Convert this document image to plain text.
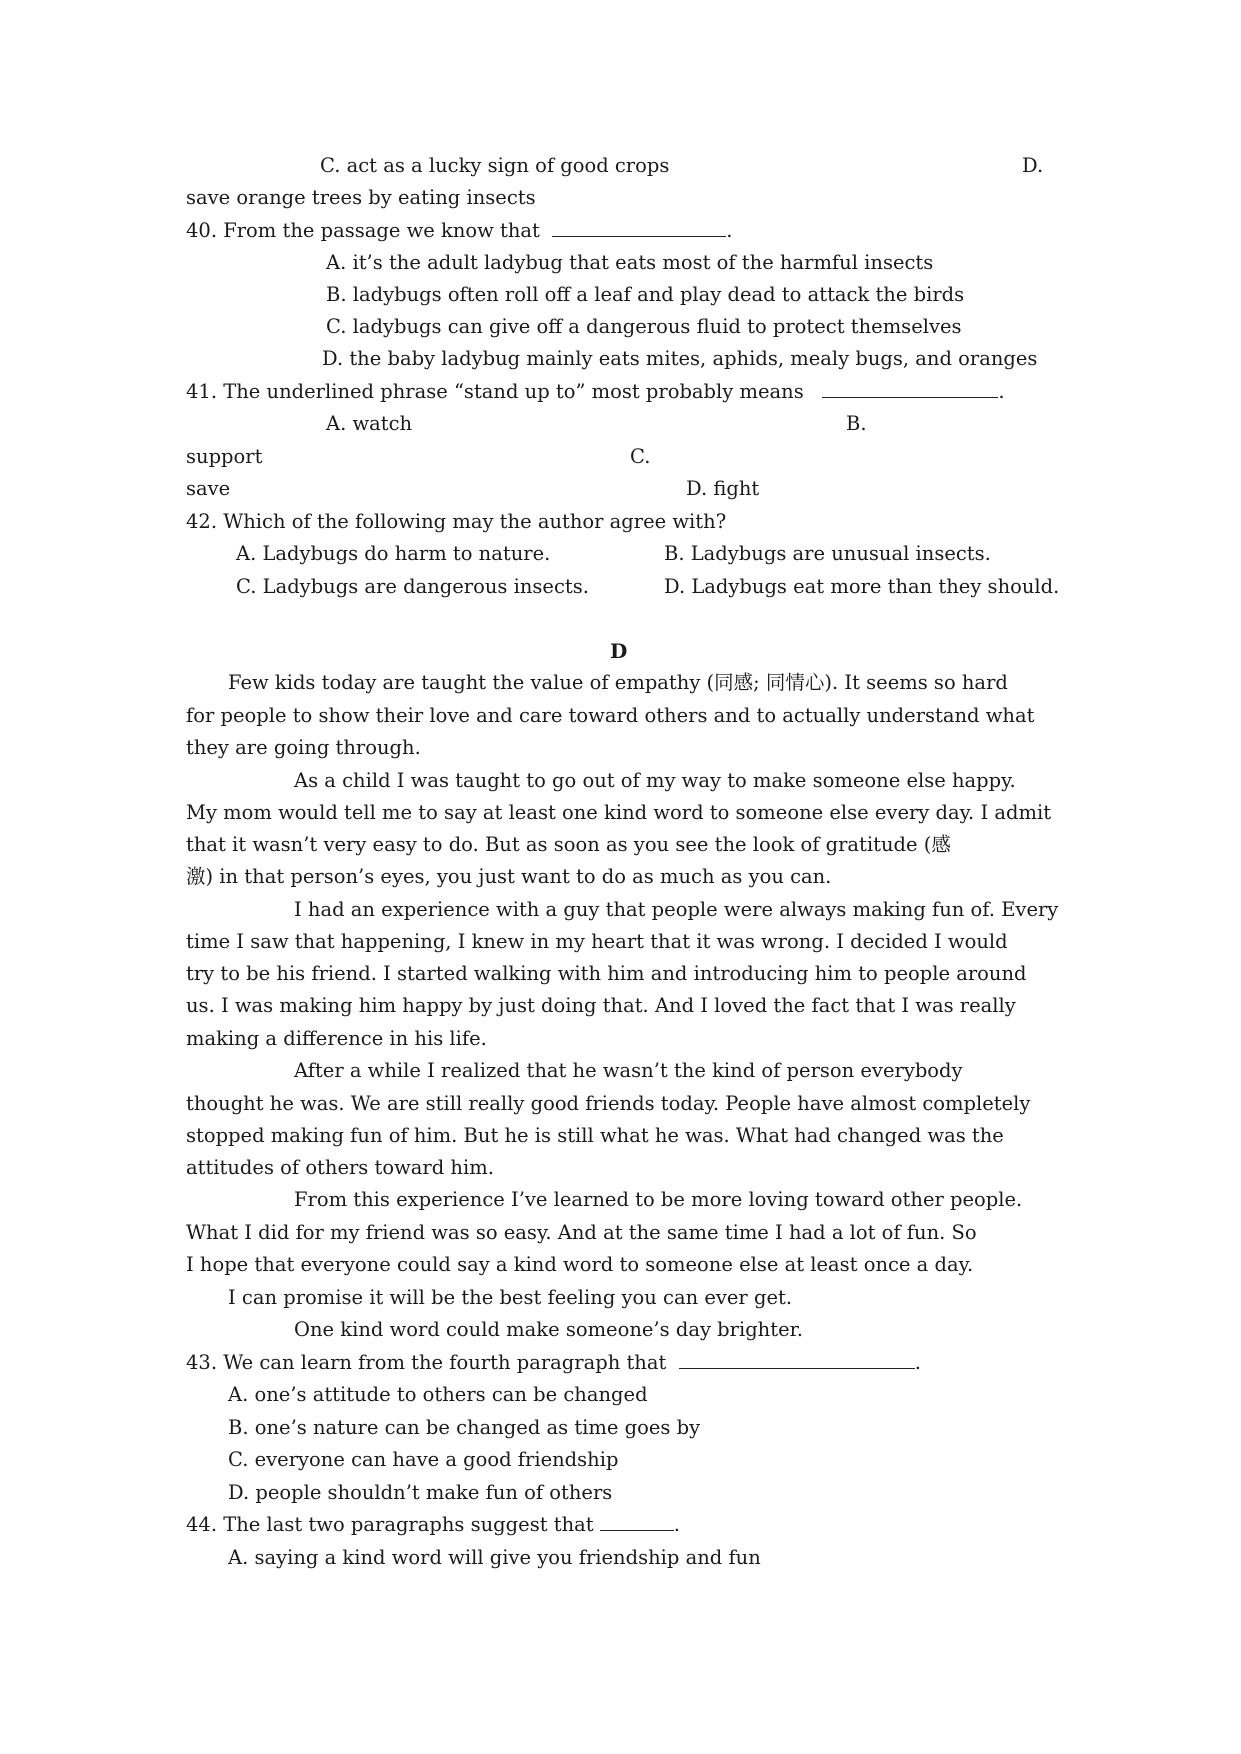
C. act as a lucky sign of good crops	D.
save orange trees by eating insects
40. From the passage we know that	.
A. it’s the adult ladybug that eats most of the harmful insects
B. ladybugs often roll off a leaf and play dead to attack the birds
C. ladybugs can give off a dangerous fluid to protect themselves
D. the baby ladybug mainly eats mites, aphids, mealy bugs, and oranges
41. The underlined phrase “stand up to” most probably means	.
A. watch	B.
support	C.
save	D. fight
42. Which of the following may the author agree with?
A. Ladybugs do harm to nature.	B. Ladybugs are unusual insects.
C. Ladybugs are dangerous insects.	D. Ladybugs eat more than they should.
D
Few kids today are taught the value of empathy (同感; 同情心). It seems so hard
for people to show their love and care toward others and to actually understand what
they are going through.
As a child I was taught to go out of my way to make someone else happy.
My mom would tell me to say at least one kind word to someone else every day. I admit
that it wasn’t very easy to do. But as soon as you see the look of gratitude (感
激) in that person’s eyes, you just want to do as much as you can.
I had an experience with a guy that people were always making fun of. Every
time I saw that happening, I knew in my heart that it was wrong. I decided I would
try to be his friend. I started walking with him and introducing him to people around
us. I was making him happy by just doing that. And I loved the fact that I was really
making a difference in his life.
After a while I realized that he wasn’t the kind of person everybody
thought he was. We are still really good friends today. People have almost completely
stopped making fun of him. But he is still what he was. What had changed was the
attitudes of others toward him.
From this experience I’ve learned to be more loving toward other people.
What I did for my friend was so easy. And at the same time I had a lot of fun. So
I hope that everyone could say a kind word to someone else at least once a day.
I can promise it will be the best feeling you can ever get.
One kind word could make someone’s day brighter.
43. We can learn from the fourth paragraph that	.
A. one’s attitude to others can be changed
B. one’s nature can be changed as time goes by
C. everyone can have a good friendship
D. people shouldn’t make fun of others
44. The last two paragraphs suggest that	.
A. saying a kind word will give you friendship and fun
